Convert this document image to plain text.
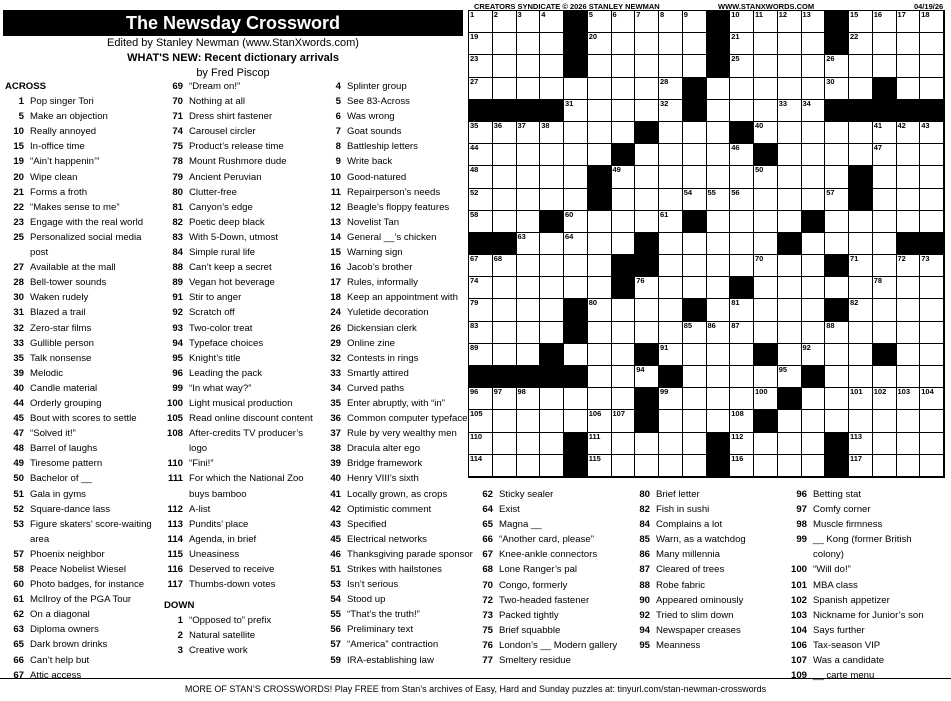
CREATORS SYNDICATE © 2026 STANLEY NEWMAN	WWW.STANXWORDS.COM	04/19/26
The Newsday Crossword
Edited by Stanley Newman (www.StanXwords.com)
WHAT'S NEW: Recent dictionary arrivals
by Fred Piscop
ACROSS
1 Pop singer Tori
5 Make an objection
10 Really annoyed
15 In-office time
19 “Ain’t happenin’”
20 Wipe clean
21 Forms a froth
22 “Makes sense to me”
23 Engage with the real world
25 Personalized social media post
27 Available at the mall
28 Bell-tower sounds
30 Waken rudely
31 Blazed a trail
32 Zero-star films
33 Gullible person
35 Talk nonsense
39 Melodic
40 Candle material
44 Orderly grouping
45 Bout with scores to settle
47 “Solved it!”
48 Barrel of laughs
49 Tiresome pattern
50 Bachelor of __
51 Gala in gyms
52 Square-dance lass
53 Figure skaters’ score-waiting area
57 Phoenix neighbor
58 Peace Nobelist Wiesel
60 Photo badges, for instance
61 McIlroy of the PGA Tour
62 On a diagonal
63 Diploma owners
65 Dark brown drinks
66 Can’t help but
67 Attic access
69 “Dream on!”
70 Nothing at all
71 Dress shirt fastener
74 Carousel circler
75 Product’s release time
78 Mount Rushmore dude
79 Ancient Peruvian
80 Clutter-free
81 Canyon’s edge
82 Poetic deep black
83 With 5-Down, utmost
84 Simple rural life
88 Can’t keep a secret
89 Vegan hot beverage
91 Stir to anger
92 Scratch off
93 Two-color treat
94 Typeface choices
95 Knight’s title
96 Leading the pack
99 “In what way?”
100 Light musical production
105 Read online discount content
108 After-credits TV producer’s logo
110 “Fini!”
111 For which the National Zoo buys bamboo
112 A-list
113 Pundits’ place
114 Agenda, in brief
115 Uneasiness
116 Deserved to receive
117 Thumbs-down votes
DOWN
1 “Opposed to” prefix
2 Natural satellite
3 Creative work
4 Splinter group
5 See 83-Across
6 Was wrong
7 Goat sounds
8 Battleship letters
9 Write back
10 Good-natured
11 Repairperson’s needs
12 Beagle’s floppy features
13 Novelist Tan
14 General __’s chicken
15 Warning sign
16 Jacob’s brother
17 Rules, informally
18 Keep an appointment with
24 Yuletide decoration
26 Dickensian clerk
29 Online zine
32 Contests in rings
33 Smartly attired
34 Curved paths
35 Enter abruptly, with “in”
36 Common computer typeface
37 Rule by very wealthy men
38 Dracula alter ego
39 Bridge framework
40 Henry VIII’s sixth
41 Locally grown, as crops
42 Optimistic comment
43 Specified
45 Electrical networks
46 Thanksgiving parade sponsor
51 Strikes with hailstones
53 Isn’t serious
54 Stood up
55 “That’s the truth!”
56 Preliminary text
57 “America” contraction
59 IRA-establishing law
62 Sticky sealer
64 Exist
65 Magna __
66 “Another card, please”
67 Knee-ankle connectors
68 Lone Ranger’s pal
70 Congo, formerly
72 Two-headed fastener
73 Packed tightly
75 Brief squabble
76 London’s __ Modern gallery
77 Smeltery residue
80 Brief letter
82 Fish in sushi
84 Complains a lot
85 Warn, as a watchdog
86 Many millennia
87 Cleared of trees
88 Robe fabric
90 Appeared ominously
92 Tried to slim down
94 Newspaper creases
95 Meanness
96 Betting stat
97 Comfy corner
98 Muscle firmness
99 __ Kong (former British colony)
100 “Will do!”
101 MBA class
102 Spanish appetizer
103 Nickname for Junior’s son
104 Says further
106 Tax-season VIP
107 Was a candidate
109 __ carte menu
1	2	3	4	5	6	7	8	9	10 11 12 13	15 16 17 18
19	20	21	22
23	25	26
27	28	30
31	32	33 34
35 36 37 38	40	41 42 43
44	46	47
48	49	50
52	54 55 56	57
58	60	61
63	64
67 68	70	71	72 73
74	76	78
79	80	81	82
83	85 86 87	88
89	91	92
94	95
96 97 98	99	100	101 102 103 104
105	106 107	108
110	111	112	113
114	115	116	117
MORE OF STAN’S CROSSWORDS! Play FREE from Stan’s archives of Easy, Hard and Sunday puzzles at: tinyurl.com/stan-newman-crosswords
